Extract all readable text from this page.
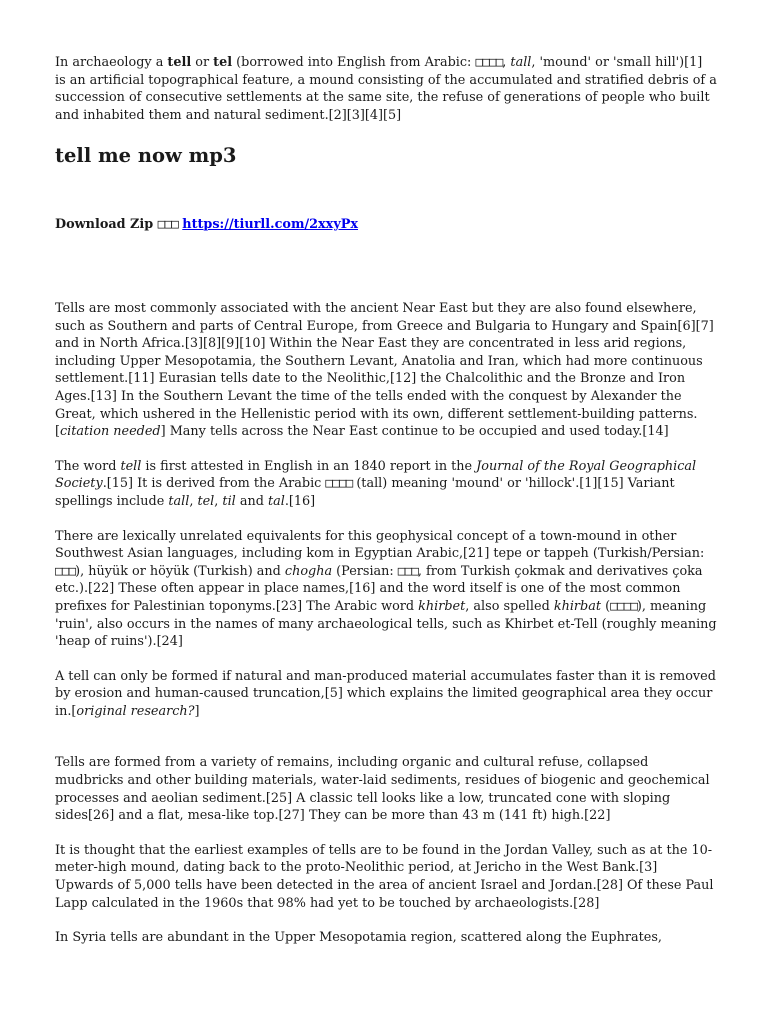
In archaeology a tell or tel (borrowed into English from Arabic: □□□□, tall, 'mound' or 'small hill')[1] is an artificial topographical feature, a mound consisting of the accumulated and stratified debris of a succession of consecutive settlements at the same site, the refuse of generations of people who built and inhabited them and natural sediment.[2][3][4][5]

tell me now mp3
Download Zip □□□ https://tiurll.com/2xxyPx

Tells are most commonly associated with the ancient Near East but they are also found elsewhere, such as Southern and parts of Central Europe, from Greece and Bulgaria to Hungary and Spain[6][7] and in North Africa.[3][8][9][10] Within the Near East they are concentrated in less arid regions, including Upper Mesopotamia, the Southern Levant, Anatolia and Iran, which had more continuous settlement.[11] Eurasian tells date to the Neolithic,[12] the Chalcolithic and the Bronze and Iron Ages.[13] In the Southern Levant the time of the tells ended with the conquest by Alexander the Great, which ushered in the Hellenistic period with its own, different settlement-building patterns.[citation needed] Many tells across the Near East continue to be occupied and used today.[14]

The word tell is first attested in English in an 1840 report in the Journal of the Royal Geographical Society.[15] It is derived from the Arabic □□□□ (tall) meaning 'mound' or 'hillock'.[1][15] Variant spellings include tall, tel, til and tal.[16]

There are lexically unrelated equivalents for this geophysical concept of a town-mound in other Southwest Asian languages, including kom in Egyptian Arabic,[21] tepe or tappeh (Turkish/Persian: □□□), hüyük or höyük (Turkish) and chogha (Persian: □□□, from Turkish çokmak and derivatives çoka etc.).[22] These often appear in place names,[16] and the word itself is one of the most common prefixes for Palestinian toponyms.[23] The Arabic word khirbet, also spelled khirbat (□□□□), meaning 'ruin', also occurs in the names of many archaeological tells, such as Khirbet et-Tell (roughly meaning 'heap of ruins').[24]

A tell can only be formed if natural and man-produced material accumulates faster than it is removed by erosion and human-caused truncation,[5] which explains the limited geographical area they occur in.[original research?]

Tells are formed from a variety of remains, including organic and cultural refuse, collapsed mudbricks and other building materials, water-laid sediments, residues of biogenic and geochemical processes and aeolian sediment.[25] A classic tell looks like a low, truncated cone with sloping sides[26] and a flat, mesa-like top.[27] They can be more than 43 m (141 ft) high.[22]

It is thought that the earliest examples of tells are to be found in the Jordan Valley, such as at the 10-meter-high mound, dating back to the proto-Neolithic period, at Jericho in the West Bank.[3] Upwards of 5,000 tells have been detected in the area of ancient Israel and Jordan.[28] Of these Paul Lapp calculated in the 1960s that 98% had yet to be touched by archaeologists.[28]

In Syria tells are abundant in the Upper Mesopotamia region, scattered along the Euphrates,
